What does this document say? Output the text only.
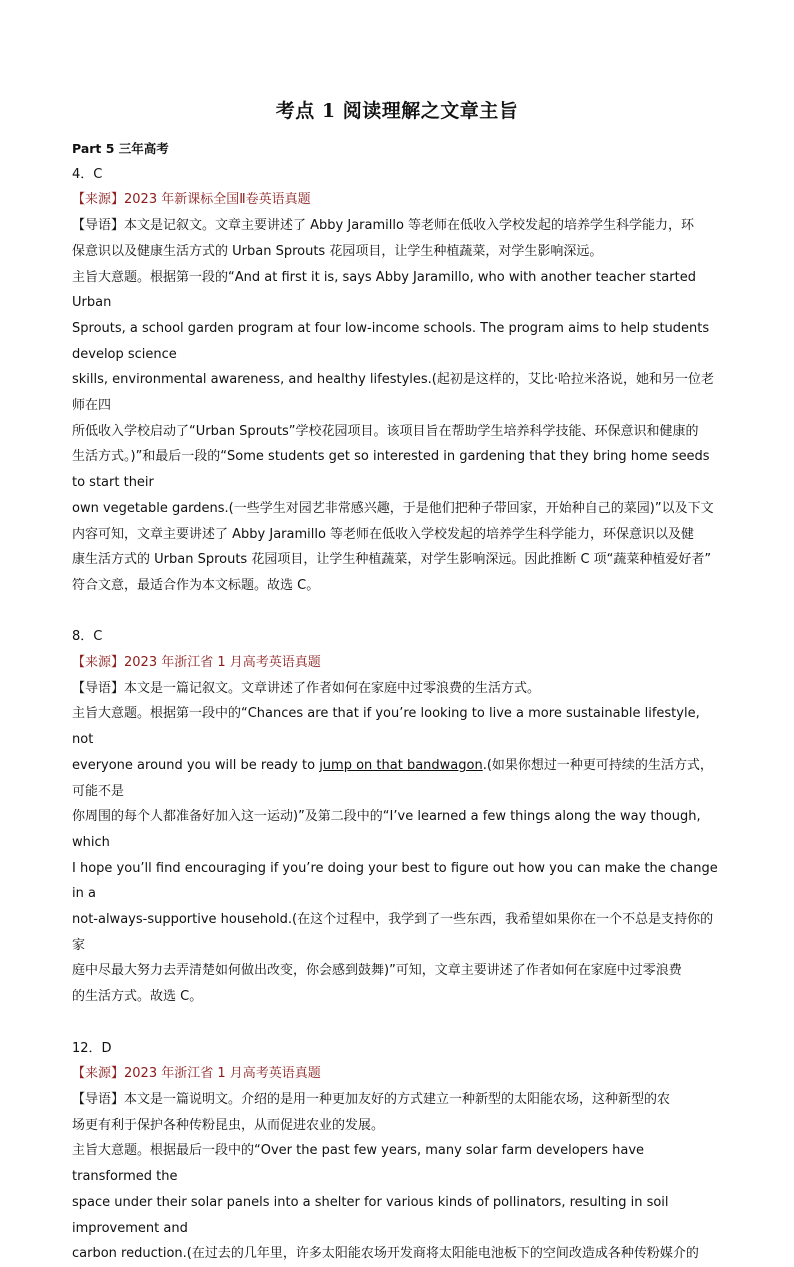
考点 1 阅读理解之文章主旨

Part 5 三年高考

4．C

【来源】2023 年新课标全国Ⅱ卷英语真题

【导语】本文是记叙文。文章主要讲述了 Abby Jaramillo 等老师在低收入学校发起的培养学生科学能力，环

保意识以及健康生活方式的 Urban Sprouts 花园项目，让学生种植蔬菜，对学生影响深远。

主旨大意题。根据第一段的“And at first it is, says Abby Jaramillo, who with another teacher started Urban

Sprouts, a school garden program at four low-income schools. The program aims to help students develop science

skills, environmental awareness, and healthy lifestyles.(起初是这样的，艾比·哈拉米洛说，她和另一位老师在四

所低收入学校启动了“Urban Sprouts”学校花园项目。该项目旨在帮助学生培养科学技能、环保意识和健康的

生活方式。)”和最后一段的“Some students get so interested in gardening that they bring home seeds to start their

own vegetable gardens.(一些学生对园艺非常感兴趣，于是他们把种子带回家，开始种自己的菜园)”以及下文

内容可知，文章主要讲述了 Abby Jaramillo 等老师在低收入学校发起的培养学生科学能力，环保意识以及健

康生活方式的 Urban Sprouts 花园项目，让学生种植蔬菜，对学生影响深远。因此推断 C 项“蔬菜种植爱好者”

符合文意，最适合作为本文标题。故选 C。

8．C

【来源】2023 年浙江省 1 月高考英语真题

【导语】本文是一篇记叙文。文章讲述了作者如何在家庭中过零浪费的生活方式。

主旨大意题。根据第一段中的“Chances are that if you’re looking to live a more sustainable lifestyle, not

everyone around you will be ready to jump on that bandwagon.(如果你想过一种更可持续的生活方式，可能不是

你周围的每个人都准备好加入这一运动)”及第二段中的“I’ve learned a few things along the way though, which

I hope you’ll find encouraging if you’re doing your best to figure out how you can make the change in a

not-always-supportive household.(在这个过程中，我学到了一些东西，我希望如果你在一个不总是支持你的家

庭中尽最大努力去弄清楚如何做出改变，你会感到鼓舞)”可知，文章主要讲述了作者如何在家庭中过零浪费

的生活方式。故选 C。

12．D

【来源】2023 年浙江省 1 月高考英语真题

【导语】本文是一篇说明文。介绍的是用一种更加友好的方式建立一种新型的太阳能农场，这种新型的农

场更有利于保护各种传粉昆虫，从而促进农业的发展。

主旨大意题。根据最后一段中的“Over the past few years, many solar farm developers have transformed the

space under their solar panels into a shelter for various kinds of pollinators, resulting in soil improvement and

carbon reduction.(在过去的几年里，许多太阳能农场开发商将太阳能电池板下的空间改造成各种传粉媒介的
